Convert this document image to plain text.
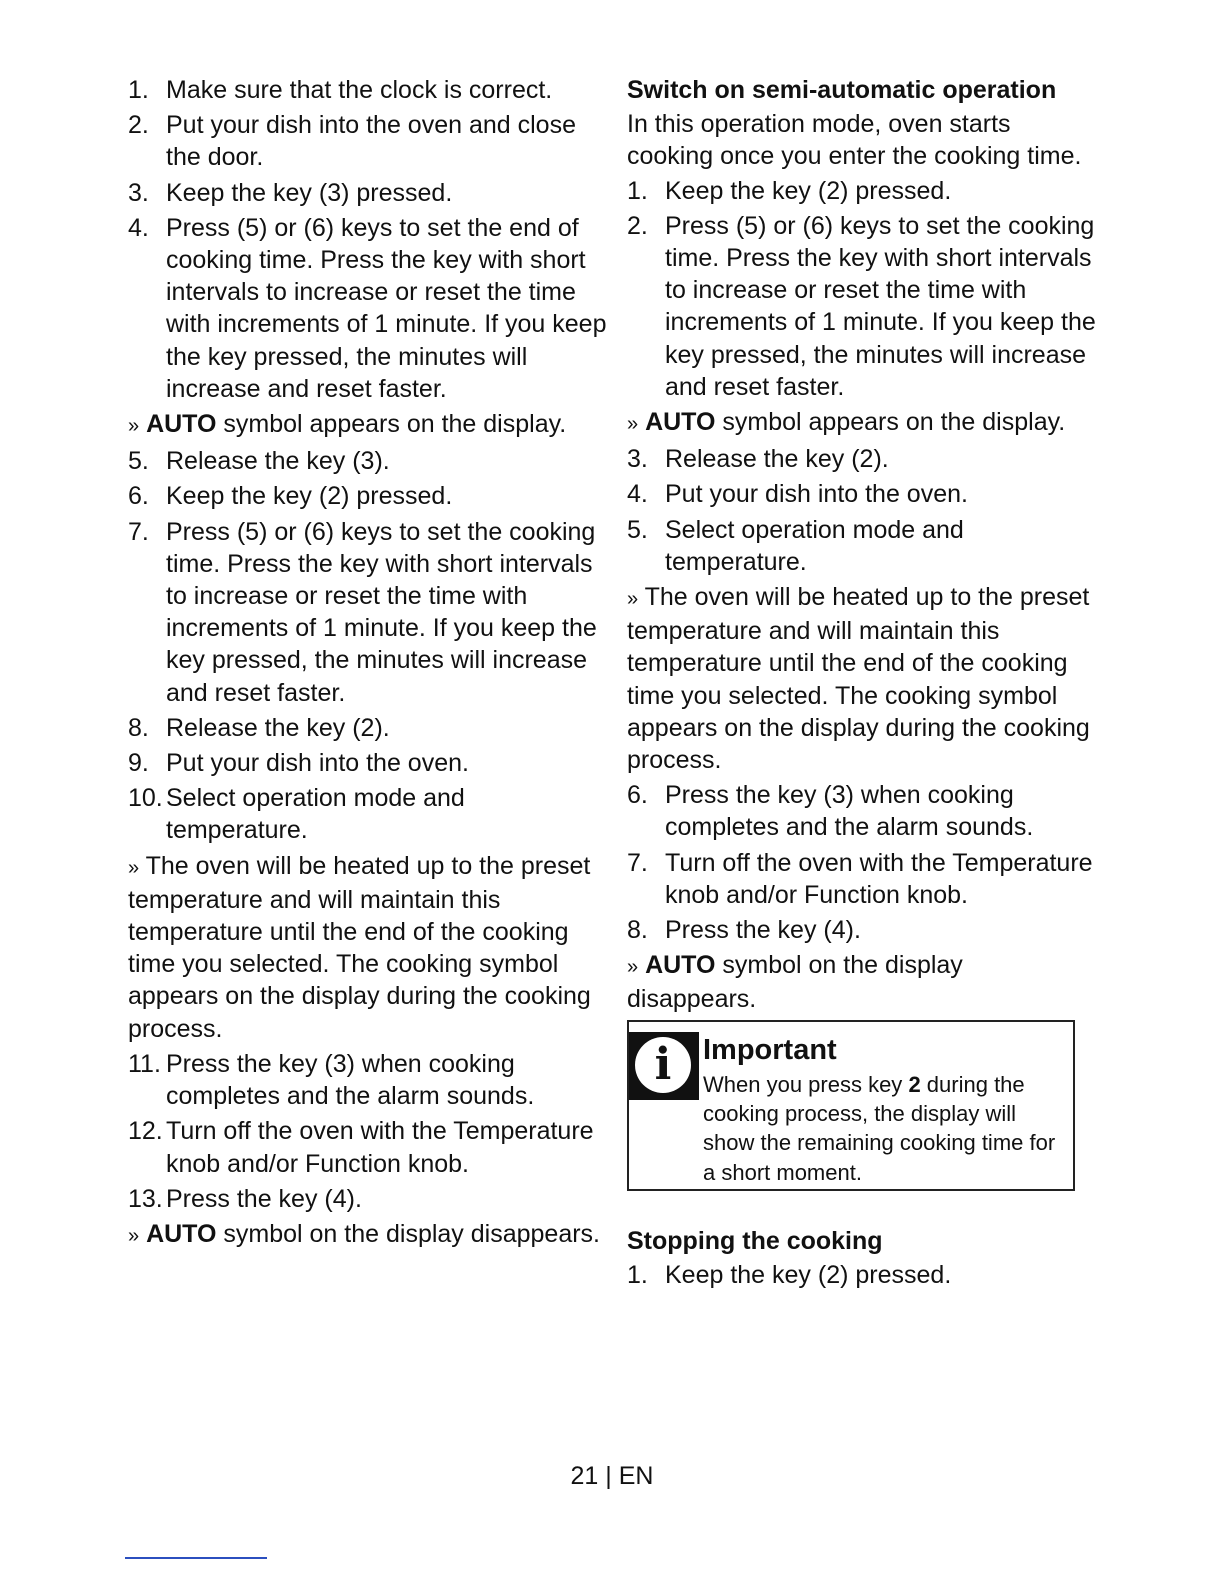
1. Make sure that the clock is correct.
2. Put your dish into the oven and close the door.
3. Keep the key (3) pressed.
4. Press (5) or (6) keys to set the end of cooking time. Press the key with short intervals to increase or reset the time with increments of 1 minute. If you keep the key pressed, the minutes will increase and reset faster.
» AUTO symbol appears on the display.
5. Release the key (3).
6. Keep the key (2) pressed.
7. Press (5) or (6) keys to set the cooking time. Press the key with short intervals to increase or reset the time with increments of 1 minute. If you keep the key pressed, the minutes will increase and reset faster.
8. Release the key (2).
9. Put your dish into the oven.
10. Select operation mode and temperature.
» The oven will be heated up to the preset temperature and will maintain this temperature until the end of the cooking time you selected. The cooking symbol appears on the display during the cooking process.
11. Press the key (3) when cooking completes and the alarm sounds.
12. Turn off the oven with the Temperature knob and/or Function knob.
13. Press the key (4).
» AUTO symbol on the display disappears.
Switch on semi-automatic operation
In this operation mode, oven starts cooking once you enter the cooking time.
1. Keep the key (2) pressed.
2. Press (5) or (6) keys to set the cooking time. Press the key with short intervals to increase or reset the time with increments of 1 minute. If you keep the key pressed, the minutes will increase and reset faster.
» AUTO symbol appears on the display.
3. Release the key (2).
4. Put your dish into the oven.
5. Select operation mode and temperature.
» The oven will be heated up to the preset temperature and will maintain this temperature until the end of the cooking time you selected. The cooking symbol appears on the display during the cooking process.
6. Press the key (3) when cooking completes and the alarm sounds.
7. Turn off the oven with the Temperature knob and/or Function knob.
8. Press the key (4).
» AUTO symbol on the display disappears.
i	Important
When you press key 2 during the cooking process, the display will show the remaining cooking time for a short moment.
Stopping the cooking
1. Keep the key (2) pressed.
21 | EN
